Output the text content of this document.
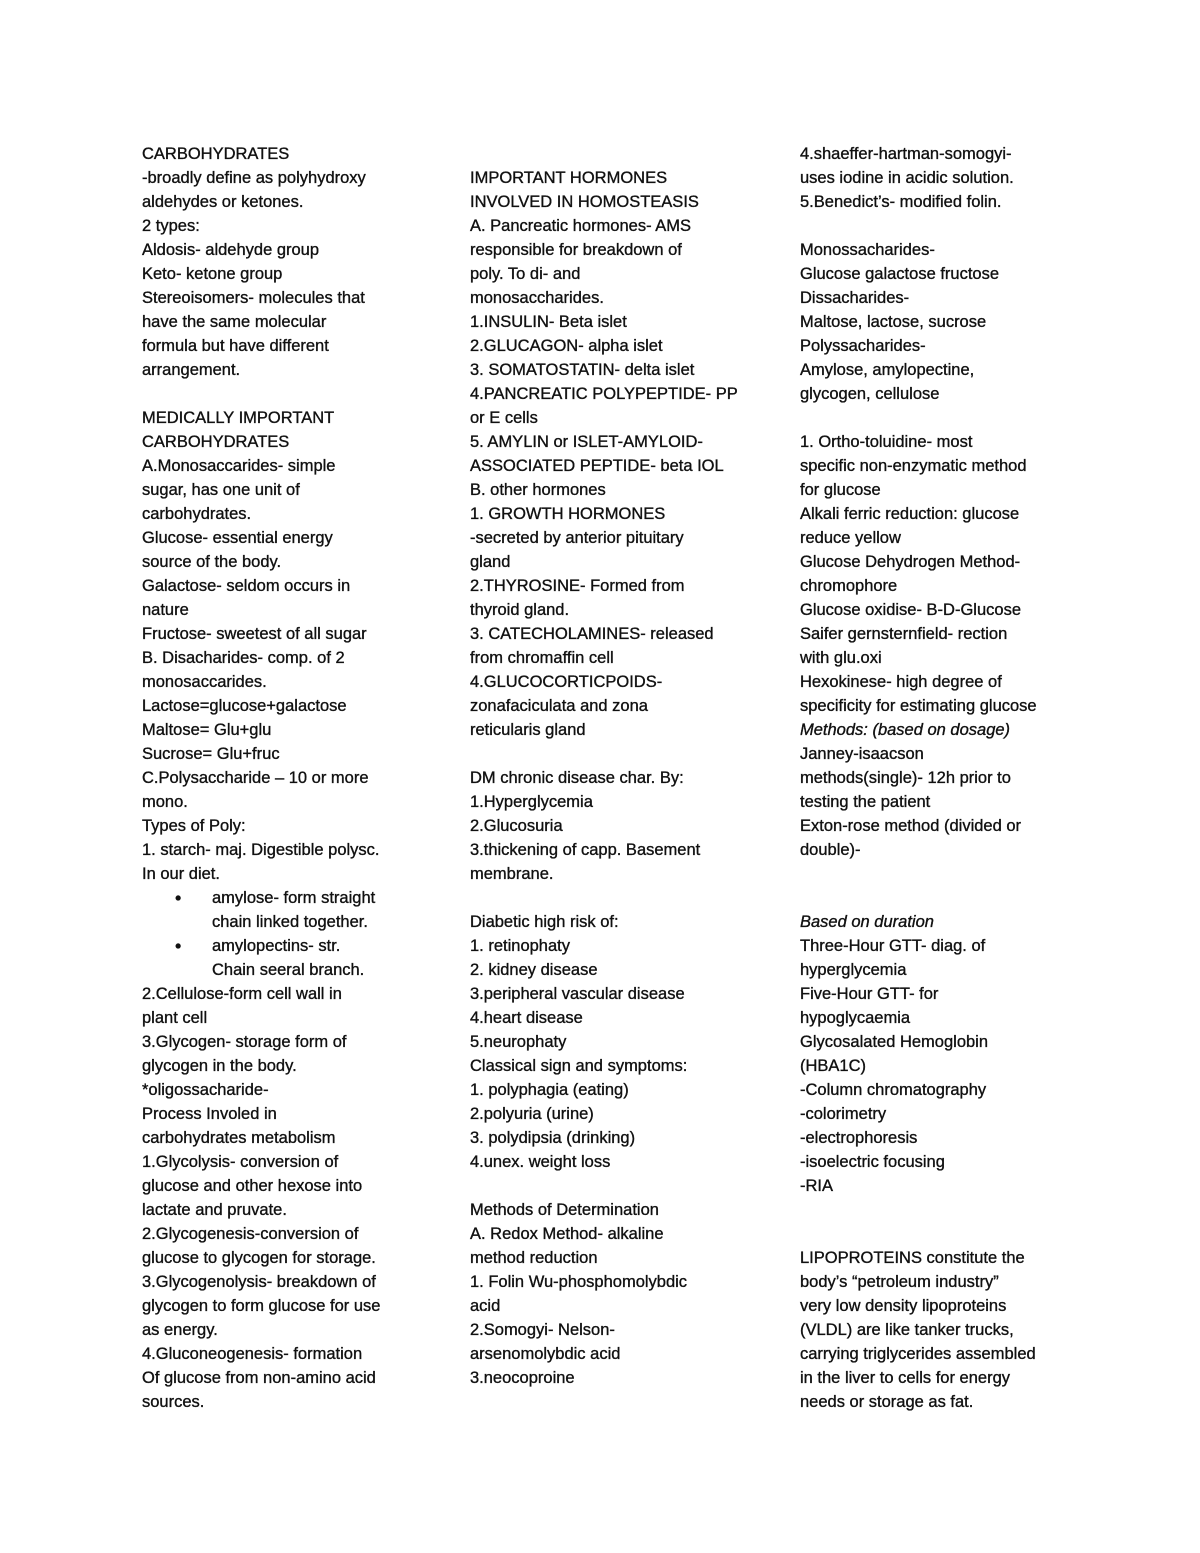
CARBOHYDRATES
-broadly define as polyhydroxy
aldehydes or ketones.
2 types:
Aldosis- aldehyde group
Keto- ketone group
Stereoisomers- molecules that
have the same molecular
formula but have different
arrangement.
MEDICALLY IMPORTANT
CARBOHYDRATES
A.Monosaccarides- simple
sugar, has one unit of
carbohydrates.
Glucose- essential energy
source of the body.
Galactose- seldom occurs in
nature
Fructose- sweetest of all sugar
B. Disacharides- comp. of 2
monosaccarides.
Lactose=glucose+galactose
Maltose= Glu+glu
Sucrose= Glu+fruc
C.Polysaccharide – 10 or more
mono.
Types of Poly:
1. starch- maj. Digestible polysc.
In our diet.
• amylose- form straight
chain linked together.
• amylopectins- str.
Chain seeral branch.
2.Cellulose-form cell wall in
plant cell
3.Glycogen- storage form of
glycogen in the body.
*oligossacharide-
Process Involed in
carbohydrates metabolism
1.Glycolysis- conversion of
glucose and other hexose into
lactate and pruvate.
2.Glycogenesis-conversion of
glucose to glycogen for storage.
3.Glycogenolysis- breakdown of
glycogen to form glucose for use
as energy.
4.Gluconeogenesis- formation
Of glucose from non-amino acid
sources.
IMPORTANT HORMONES
INVOLVED IN HOMOSTEASIS
A. Pancreatic hormones- AMS
responsible for breakdown of
poly. To di- and
monosaccharides.
1.INSULIN- Beta islet
2.GLUCAGON- alpha islet
3. SOMATOSTATIN- delta islet
4.PANCREATIC POLYPEPTIDE- PP
or E cells
5. AMYLIN or ISLET-AMYLOID-
ASSOCIATED PEPTIDE- beta IOL
B. other hormones
1. GROWTH HORMONES
-secreted by anterior pituitary
gland
2.THYROSINE- Formed from
thyroid gland.
3. CATECHOLAMINES- released
from chromaffin cell
4.GLUCOCORTICPOIDS-
zonafaciculata and zona
reticularis gland
DM chronic disease char. By:
1.Hyperglycemia
2.Glucosuria
3.thickening of capp. Basement
membrane.
Diabetic high risk of:
1. retinophaty
2. kidney disease
3.peripheral vascular disease
4.heart disease
5.neurophaty
Classical sign and symptoms:
1. polyphagia (eating)
2.polyuria (urine)
3. polydipsia (drinking)
4.unex. weight loss
Methods of Determination
A. Redox Method- alkaline
method reduction
1. Folin Wu-phosphomolybdic
acid
2.Somogyi- Nelson-
arsenomolybdic acid
3.neocoproine
4.shaeffer-hartman-somogyi-
uses iodine in acidic solution.
5.Benedict’s- modified folin.
Monossacharides-
Glucose galactose fructose
Dissacharides-
Maltose, lactose, sucrose
Polyssacharides-
Amylose, amylopectine,
glycogen, cellulose
1. Ortho-toluidine- most
specific non-enzymatic method
for glucose
Alkali ferric reduction: glucose
reduce yellow
Glucose Dehydrogen Method-
chromophore
Glucose oxidise- B-D-Glucose
Saifer gernsternfield- rection
with glu.oxi
Hexokinese- high degree of
specificity for estimating glucose
Methods: (based on dosage)
Janney-isaacson
methods(single)- 12h prior to
testing the patient
Exton-rose method (divided or
double)-
Based on duration
Three-Hour GTT- diag. of
hyperglycemia
Five-Hour GTT- for
hypoglycaemia
Glycosalated Hemoglobin
(HBA1C)
-Column chromatography
-colorimetry
-electrophoresis
-isoelectric focusing
-RIA
LIPOPROTEINS constitute the
body’s “petroleum industry”
very low density lipoproteins
(VLDL) are like tanker trucks,
carrying triglycerides assembled
in the liver to cells for energy
needs or storage as fat.
